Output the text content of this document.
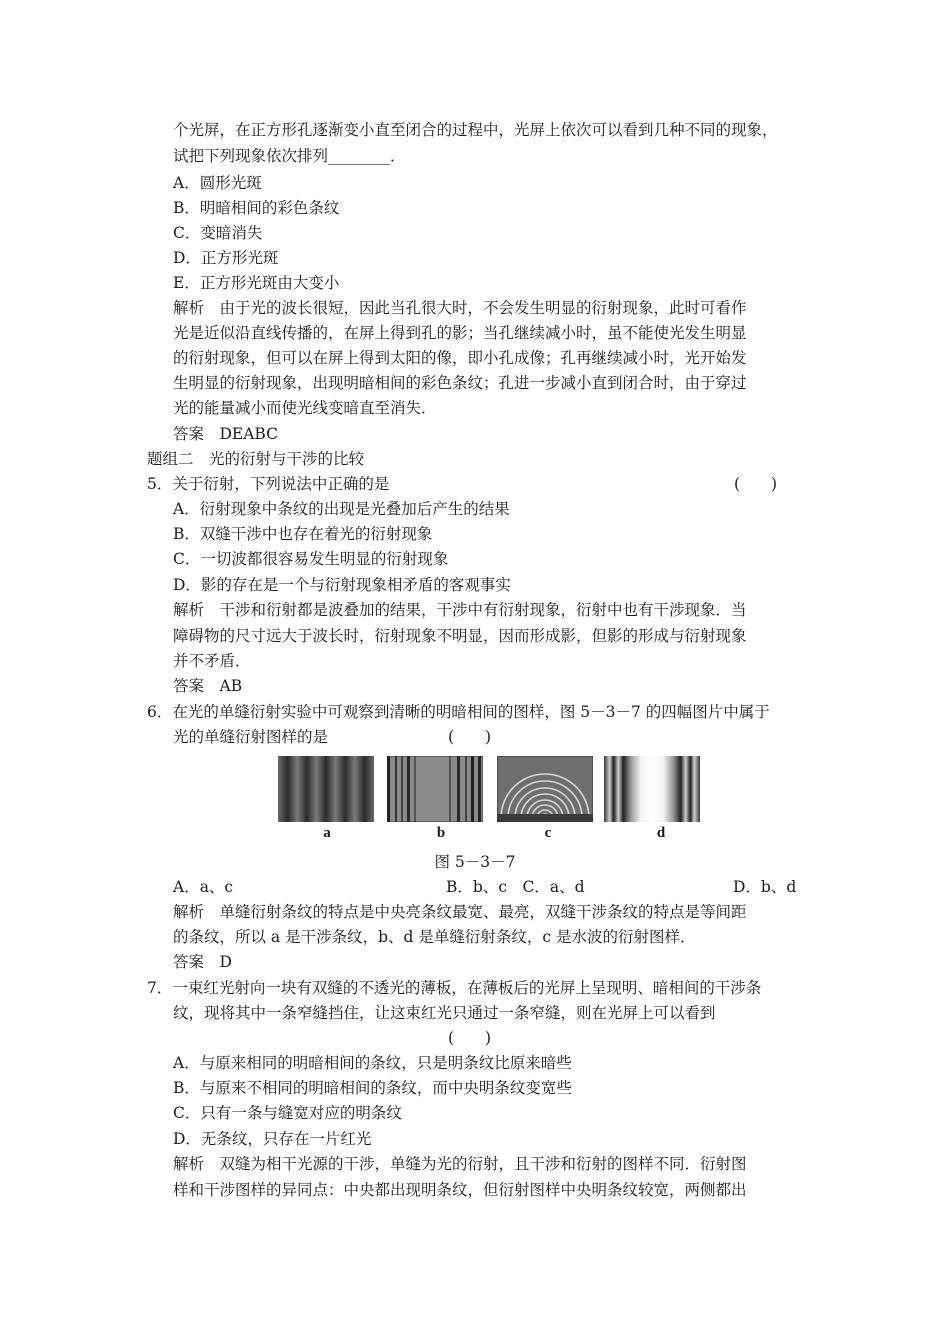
个光屏，在正方形孔逐渐变小直至闭合的过程中，光屏上依次可以看到几种不同的现象，
试把下列现象依次排列________．
A．圆形光斑
B．明暗相间的彩色条纹
C．变暗消失
D．正方形光斑
E．正方形光斑由大变小
解析　由于光的波长很短，因此当孔很大时，不会发生明显的衍射现象，此时可看作
光是近似沿直线传播的，在屏上得到孔的影；当孔继续减小时，虽不能使光发生明显
的衍射现象，但可以在屏上得到太阳的像，即小孔成像；孔再继续减小时，光开始发
生明显的衍射现象，出现明暗相间的彩色条纹；孔进一步减小直到闭合时，由于穿过
光的能量减小而使光线变暗直至消失．
答案　DEABC
题组二　光的衍射与干涉的比较
5．关于衍射，下列说法中正确的是	(　　)
A．衍射现象中条纹的出现是光叠加后产生的结果
B．双缝干涉中也存在着光的衍射现象
C．一切波都很容易发生明显的衍射现象
D．影的存在是一个与衍射现象相矛盾的客观事实
解析　干涉和衍射都是波叠加的结果，干涉中有衍射现象，衍射中也有干涉现象．当
障碍物的尺寸远大于波长时，衍射现象不明显，因而形成影，但影的形成与衍射现象
并不矛盾．
答案　AB
6．在光的单缝衍射实验中可观察到清晰的明暗相间的图样，图 5－3－7 的四幅图片中属于
光的单缝衍射图样的是	(　　)
a	b	c	d
图 5－3－7
A．a、c	B．b、c　C．a、d	D．b、d
解析　单缝衍射条纹的特点是中央亮条纹最宽、最亮，双缝干涉条纹的特点是等间距
的条纹，所以 a 是干涉条纹，b、d 是单缝衍射条纹，c 是水波的衍射图样．
答案　D
7．一束红光射向一块有双缝的不透光的薄板，在薄板后的光屏上呈现明、暗相间的干涉条
纹，现将其中一条窄缝挡住，让这束红光只通过一条窄缝，则在光屏上可以看到
(　　)
A．与原来相同的明暗相间的条纹，只是明条纹比原来暗些
B．与原来不相同的明暗相间的条纹，而中央明条纹变宽些
C．只有一条与缝宽对应的明条纹
D．无条纹，只存在一片红光
解析　双缝为相干光源的干涉，单缝为光的衍射，且干涉和衍射的图样不同．衍射图
样和干涉图样的异同点：中央都出现明条纹，但衍射图样中央明条纹较宽，两侧都出
